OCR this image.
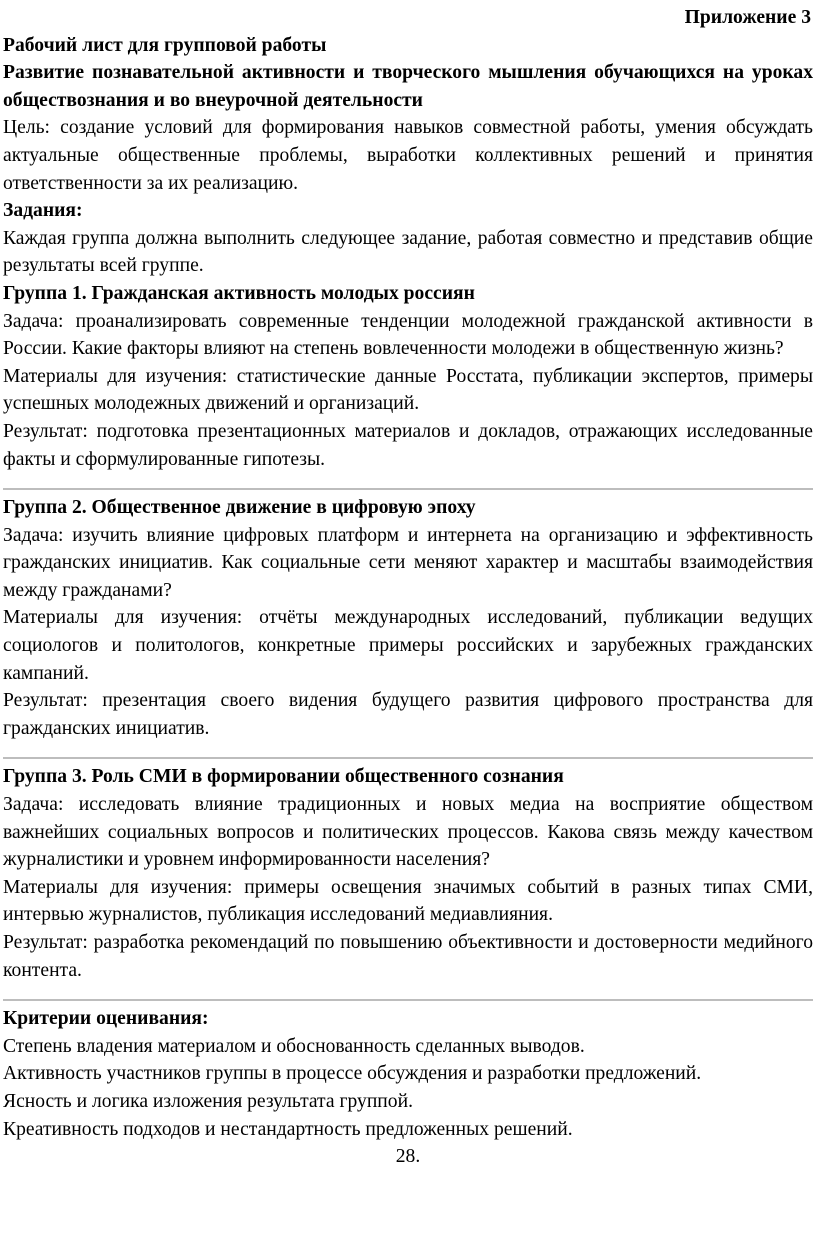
Приложение 3
Рабочий лист для групповой работы

Развитие познавательной активности и творческого мышления обучающихся на уроках обществознания и во внеурочной деятельности

Цель: создание условий для формирования навыков совместной работы, умения обсуждать актуальные общественные проблемы, выработки коллективных решений и принятия ответственности за их реализацию.

Задания:

Каждая группа должна выполнить следующее задание, работая совместно и представив общие результаты всей группе.

Группа 1. Гражданская активность молодых россиян

Задача: проанализировать современные тенденции молодежной гражданской активности в России. Какие факторы влияют на степень вовлеченности молодежи в общественную жизнь?

Материалы для изучения: статистические данные Росстата, публикации экспертов, примеры успешных молодежных движений и организаций.

Результат: подготовка презентационных материалов и докладов, отражающих исследованные факты и сформулированные гипотезы.

Группа 2. Общественное движение в цифровую эпоху

Задача: изучить влияние цифровых платформ и интернета на организацию и эффективность гражданских инициатив. Как социальные сети меняют характер и масштабы взаимодействия между гражданами?

Материалы для изучения: отчёты международных исследований, публикации ведущих социологов и политологов, конкретные примеры российских и зарубежных гражданских кампаний.

Результат: презентация своего видения будущего развития цифрового пространства для гражданских инициатив.

Группа 3. Роль СМИ в формировании общественного сознания

Задача: исследовать влияние традиционных и новых медиа на восприятие обществом важнейших социальных вопросов и политических процессов. Какова связь между качеством журналистики и уровнем информированности населения?

Материалы для изучения: примеры освещения значимых событий в разных типах СМИ, интервью журналистов, публикация исследований медиавлияния.

Результат: разработка рекомендаций по повышению объективности и достоверности медийного контента.

Критерии оценивания:

Степень владения материалом и обоснованность сделанных выводов.

Активность участников группы в процессе обсуждения и разработки предложений.

Ясность и логика изложения результата группой.

Креативность подходов и нестандартность предложенных решений.

28.
